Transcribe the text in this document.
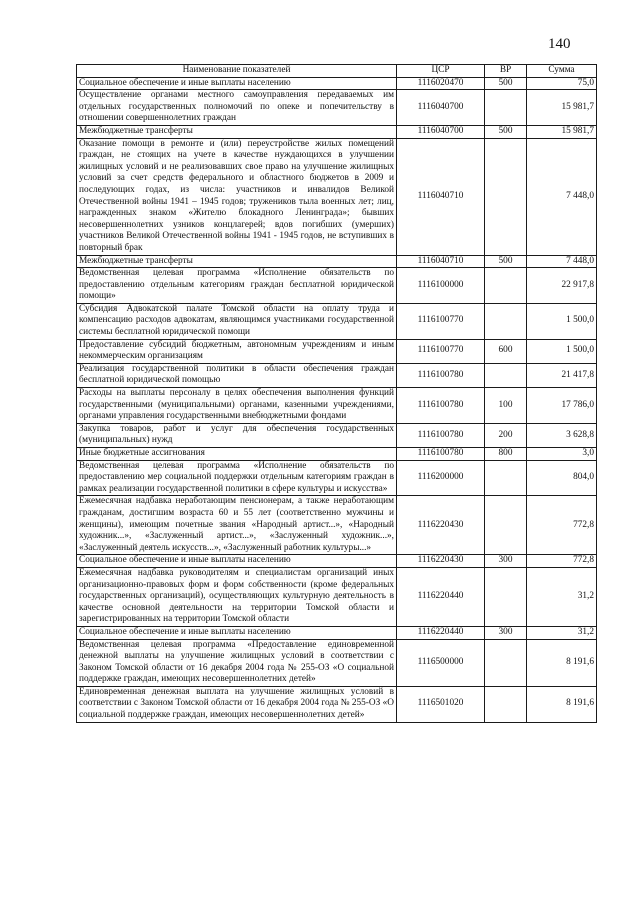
140
Наименование показателей	ЦСР	ВР	Сумма
Социальное обеспечение и иные выплаты населению	1116020470	500	75,0
Осуществление органами местного самоуправления передаваемых им отдельных государственных полномочий по опеке и попечительству в отношении совершеннолетних граждан	1116040700		15 981,7
Межбюджетные трансферты	1116040700	500	15 981,7
Оказание помощи в ремонте и (или) переустройстве жилых помещений граждан, не стоящих на учете в качестве нуждающихся в улучшении жилищных условий и не реализовавших свое право на улучшение жилищных условий за счет средств федерального и областного бюджетов в 2009 и последующих годах, из числа: участников и инвалидов Великой Отечественной войны 1941 – 1945 годов; тружеников тыла военных лет; лиц, награжденных знаком «Жителю блокадного Ленинграда»; бывших несовершеннолетних узников концлагерей; вдов погибших (умерших) участников Великой Отечественной войны 1941 - 1945 годов, не вступивших в повторный брак	1116040710		7 448,0
Межбюджетные трансферты	1116040710	500	7 448,0
Ведомственная целевая программа «Исполнение обязательств по предоставлению отдельным категориям граждан бесплатной юридической помощи»	1116100000		22 917,8
Субсидия Адвокатской палате Томской области на оплату труда и компенсацию расходов адвокатам, являющимся участниками государственной системы бесплатной юридической помощи	1116100770		1 500,0
Предоставление субсидий бюджетным, автономным учреждениям и иным некоммерческим организациям	1116100770	600	1 500,0
Реализация государственной политики в области обеспечения граждан бесплатной юридической помощью	1116100780		21 417,8
Расходы на выплаты персоналу в целях обеспечения выполнения функций государственными (муниципальными) органами, казенными учреждениями, органами управления государственными внебюджетными фондами	1116100780	100	17 786,0
Закупка товаров, работ и услуг для обеспечения государственных (муниципальных) нужд	1116100780	200	3 628,8
Иные бюджетные ассигнования	1116100780	800	3,0
Ведомственная целевая программа «Исполнение обязательств по предоставлению мер социальной поддержки отдельным категориям граждан в рамках реализации государственной политики в сфере культуры и искусства»	1116200000		804,0
Ежемесячная надбавка неработающим пенсионерам, а также неработающим гражданам, достигшим возраста 60 и 55 лет (соответственно мужчины и женщины), имеющим почетные звания «Народный артист...», «Народный художник...», «Заслуженный артист...», «Заслуженный художник...», «Заслуженный деятель искусств...», «Заслуженный работник культуры...»	1116220430		772,8
Социальное обеспечение и иные выплаты населению	1116220430	300	772,8
Ежемесячная надбавка руководителям и специалистам организаций иных организационно-правовых форм и форм собственности (кроме федеральных государственных организаций), осуществляющих культурную деятельность в качестве основной деятельности на территории Томской области и зарегистрированных на территории Томской области	1116220440		31,2
Социальное обеспечение и иные выплаты населению	1116220440	300	31,2
Ведомственная целевая программа «Предоставление единовременной денежной выплаты на улучшение жилищных условий в соответствии с Законом Томской области от 16 декабря 2004 года № 255-ОЗ «О социальной поддержке граждан, имеющих несовершеннолетних детей»	1116500000		8 191,6
Единовременная денежная выплата на улучшение жилищных условий в соответствии с Законом Томской области от 16 декабря 2004 года № 255-ОЗ «О социальной поддержке граждан, имеющих несовершеннолетних детей»	1116501020		8 191,6
